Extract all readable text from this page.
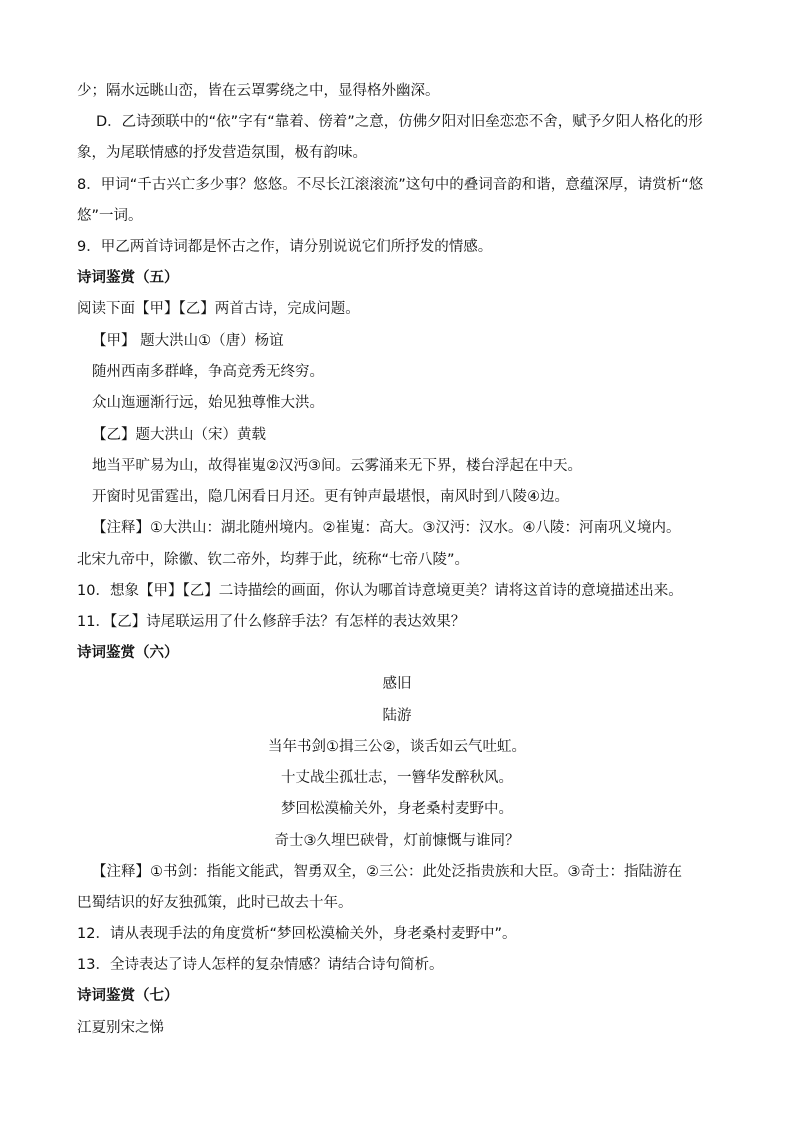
少；隔水远眺山峦，皆在云罩雾绕之中，显得格外幽深。
D．乙诗颈联中的“依”字有“靠着、傍着”之意，仿佛夕阳对旧垒恋恋不舍，赋予夕阳人格化的形
象，为尾联情感的抒发营造氛围，极有韵味。
8．甲词“千古兴亡多少事？悠悠。不尽长江滚滚流”这句中的叠词音韵和谐，意蕴深厚，请赏析“悠
悠”一词。
9．甲乙两首诗词都是怀古之作，请分别说说它们所抒发的情感。
诗词鉴赏（五）
阅读下面【甲】【乙】两首古诗，完成问题。
【甲】 题大洪山①（唐）杨谊
随州西南多群峰，争高竞秀无终穷。
众山迤逦渐行远，始见独尊惟大洪。
【乙】题大洪山（宋）黄载
地当平旷易为山，故得崔嵬②汉沔③间。云雾涌来无下界，楼台浮起在中天。
开窗时见雷霆出，隐几闲看日月还。更有钟声最堪恨，南风时到八陵④边。
【注释】①大洪山：湖北随州境内。②崔嵬：高大。③汉沔：汉水。④八陵：河南巩义境内。
北宋九帝中，除徽、钦二帝外，均葬于此，统称“七帝八陵”。
10．想象【甲】【乙】二诗描绘的画面，你认为哪首诗意境更美？请将这首诗的意境描述出来。
11．【乙】诗尾联运用了什么修辞手法？有怎样的表达效果？
诗词鉴赏（六）
感旧
陆游
当年书剑①揖三公②，谈舌如云气吐虹。
十丈战尘孤壮志，一簪华发醉秋风。
梦回松漠榆关外，身老桑村麦野中。
奇士③久埋巴硖骨，灯前慷慨与谁同？
【注释】①书剑：指能文能武，智勇双全，②三公：此处泛指贵族和大臣。③奇士：指陆游在
巴蜀结识的好友独孤策，此时已故去十年。
12．请从表现手法的角度赏析“梦回松漠榆关外，身老桑村麦野中”。
13．全诗表达了诗人怎样的复杂情感？请结合诗句简析。
诗词鉴赏（七）
江夏别宋之悌
